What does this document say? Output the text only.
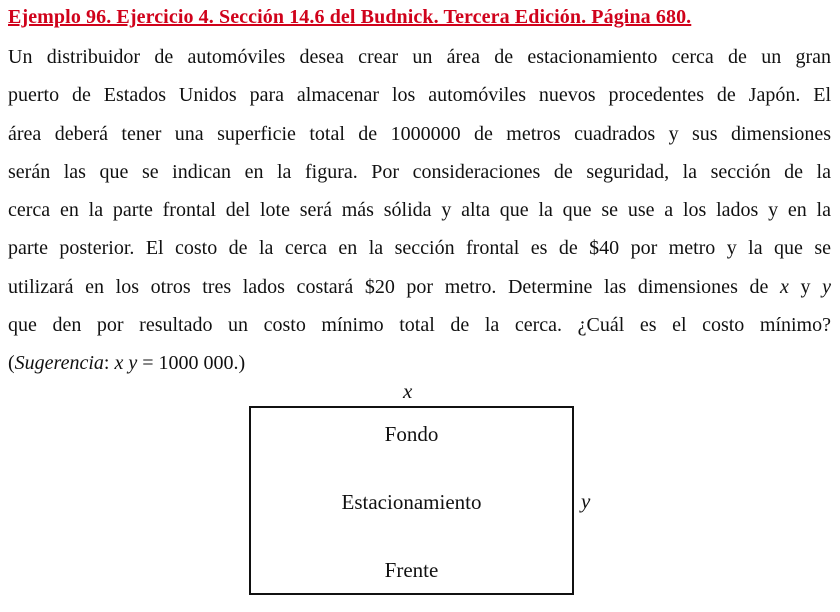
Ejemplo 96. Ejercicio 4. Sección 14.6 del Budnick. Tercera Edición. Página 680.
Un distribuidor de automóviles desea crear un área de estacionamiento cerca de un gran
puerto de Estados Unidos para almacenar los automóviles nuevos procedentes de Japón. El
área deberá tener una superficie total de 1000000 de metros cuadrados y sus dimensiones
serán las que se indican en la figura. Por consideraciones de seguridad, la sección de la
cerca en la parte frontal del lote será más sólida y alta que la que se use a los lados y en la
parte posterior. El costo de la cerca en la sección frontal es de $40 por metro y la que se
utilizará en los otros tres lados costará $20 por metro. Determine las dimensiones de x y y
que den por resultado un costo mínimo total de la cerca. ¿Cuál es el costo mínimo?
(Sugerencia: x y = 1000 000.)
x
y
Fondo
Estacionamiento
Frente
